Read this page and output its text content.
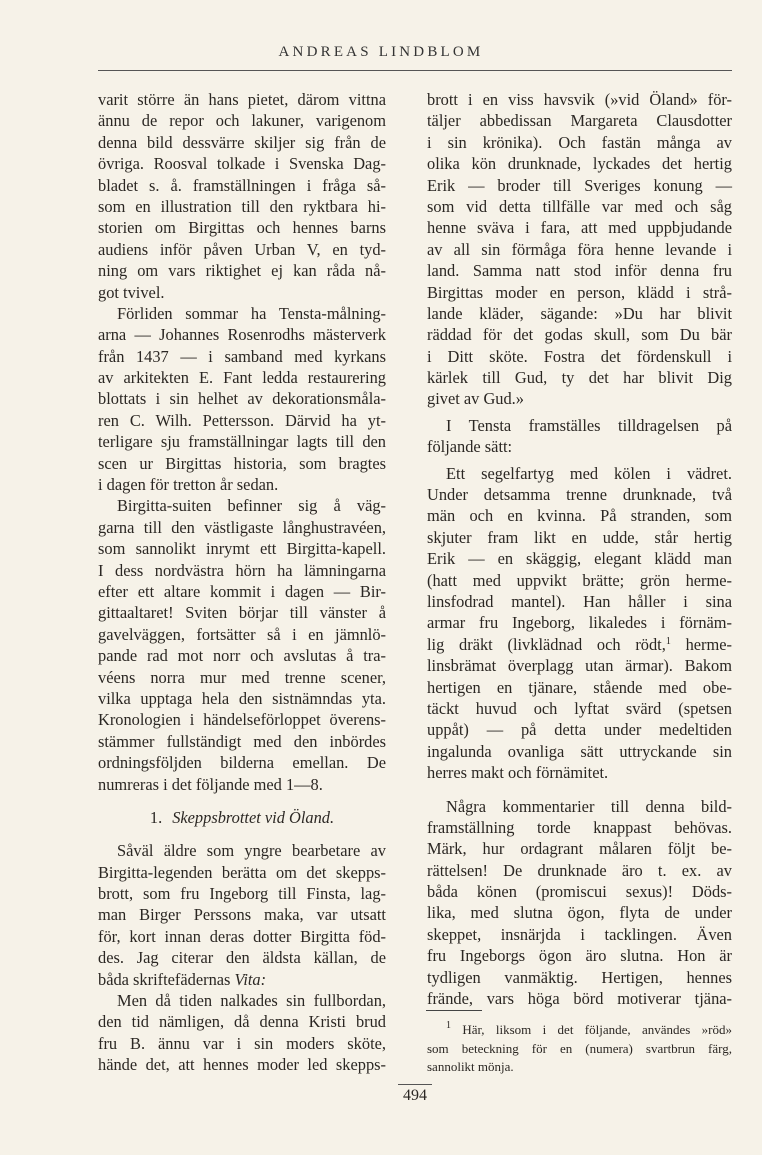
ANDREAS LINDBLOM
varit större än hans pietet, därom vittna
ännu de repor och lakuner, varigenom
denna bild dessvärre skiljer sig från de
övriga. Roosval tolkade i Svenska Dag-
bladet s. å. framställningen i fråga så-
som en illustration till den ryktbara hi-
storien om Birgittas och hennes barns
audiens inför påven Urban V, en tyd-
ning om vars riktighet ej kan råda nå-
got tvivel.
Förliden sommar ha Tensta-målning-
arna — Johannes Rosenrodhs mästerverk
från 1437 — i samband med kyrkans
av arkitekten E. Fant ledda restaurering
blottats i sin helhet av dekorationsmåla-
ren C. Wilh. Pettersson. Därvid ha yt-
terligare sju framställningar lagts till den
scen ur Birgittas historia, som bragtes
i dagen för tretton år sedan.
Birgitta-suiten befinner sig å väg-
garna till den västligaste långhustravéen,
som sannolikt inrymt ett Birgitta-kapell.
I dess nordvästra hörn ha lämningarna
efter ett altare kommit i dagen — Bir-
gittaaltaret! Sviten börjar till vänster å
gavelväggen, fortsätter så i en jämnlö-
pande rad mot norr och avslutas å tra-
véens norra mur med trenne scener,
vilka upptaga hela den sistnämndas yta.
Kronologien i händelseförloppet överens-
stämmer fullständigt med den inbördes
ordningsföljden bilderna emellan. De
numreras i det följande med 1—8.
1. Skeppsbrottet vid Öland.
Såväl äldre som yngre bearbetare av
Birgitta-legenden berätta om det skepps-
brott, som fru Ingeborg till Finsta, lag-
man Birger Perssons maka, var utsatt
för, kort innan deras dotter Birgitta föd-
des. Jag citerar den äldsta källan, de
båda skriftefädernas Vita:
Men då tiden nalkades sin fullbordan,
den tid nämligen, då denna Kristi brud
fru B. ännu var i sin moders sköte,
hände det, att hennes moder led skepps-
brott i en viss havsvik (»vid Öland» för-
täljer abbedissan Margareta Clausdotter
i sin krönika). Och fastän många av
olika kön drunknade, lyckades det hertig
Erik — broder till Sveriges konung —
som vid detta tillfälle var med och såg
henne sväva i fara, att med uppbjudande
av all sin förmåga föra henne levande i
land. Samma natt stod inför denna fru
Birgittas moder en person, klädd i strå-
lande kläder, sägande: »Du har blivit
räddad för det godas skull, som Du bär
i Ditt sköte. Fostra det fördenskull i
kärlek till Gud, ty det har blivit Dig
givet av Gud.»
I Tensta framställes tilldragelsen på
följande sätt:
Ett segelfartyg med kölen i vädret.
Under detsamma trenne drunknade, två
män och en kvinna. På stranden, som
skjuter fram likt en udde, står hertig
Erik — en skäggig, elegant klädd man
(hatt med uppvikt brätte; grön herme-
linsfodrad mantel). Han håller i sina
armar fru Ingeborg, likaledes i förnäm-
lig dräkt (livklädnad och rödt,$^1$ herme-
linsbrämat överplagg utan ärmar). Bakom
hertigen en tjänare, stående med obe-
täckt huvud och lyftat svärd (spetsen
uppåt) — på detta under medeltiden
ingalunda ovanliga sätt uttryckande sin
herres makt och förnämitet.
Några kommentarier till denna bild-
framställning torde knappast behövas.
Märk, hur ordagrant målaren följt be-
rättelsen! De drunknade äro t. ex. av
båda könen (promiscui sexus)! Döds-
lika, med slutna ögon, flyta de under
skeppet, insnärjda i tacklingen. Även
fru Ingeborgs ögon äro slutna. Hon är
tydligen vanmäktig. Hertigen, hennes
frände, vars höga börd motiverar tjäna-
$^1$ Här, liksom i det följande, användes »röd»
som beteckning för en (numera) svartbrun färg,
sannolikt mönja.
494
